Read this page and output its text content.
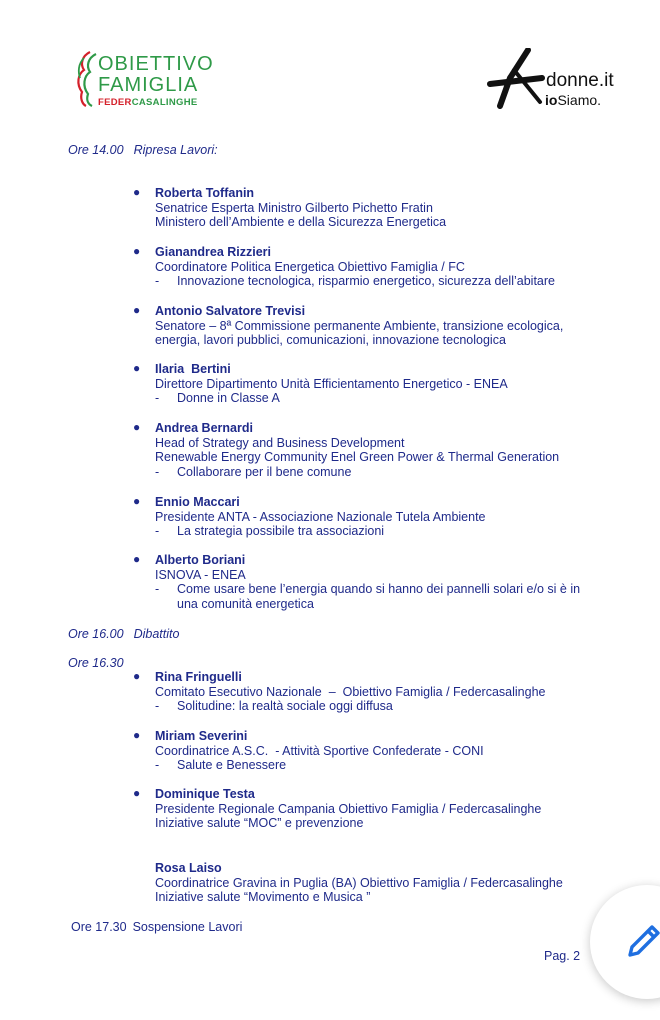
OBIETTIVO
FAMIGLIA
FEDERCASALINGHE
donne.it
ioSiamo.
Ore 14.00 Ripresa Lavori:
● Roberta Toffanin
Senatrice Esperta Ministro Gilberto Pichetto Fratin
Ministero dell’Ambiente e della Sicurezza Energetica
● Gianandrea Rizzieri
Coordinatore Politica Energetica Obiettivo Famiglia / FC
- Innovazione tecnologica, risparmio energetico, sicurezza dell’abitare
● Antonio Salvatore Trevisi
Senatore – 8ª Commissione permanente Ambiente, transizione ecologica,
energia, lavori pubblici, comunicazioni, innovazione tecnologica
● Ilaria  Bertini
Direttore Dipartimento Unità Efficientamento Energetico - ENEA
- Donne in Classe A
● Andrea Bernardi
Head of Strategy and Business Development
Renewable Energy Community Enel Green Power & Thermal Generation
- Collaborare per il bene comune
● Ennio Maccari
Presidente ANTA - Associazione Nazionale Tutela Ambiente
- La strategia possibile tra associazioni
● Alberto Boriani
ISNOVA - ENEA
- Come usare bene l’energia quando si hanno dei pannelli solari e/o si è in
una comunità energetica
Ore 16.00 Dibattito
Ore 16.30
● Rina Fringuelli
Comitato Esecutivo Nazionale  –  Obiettivo Famiglia / Federcasalinghe
- Solitudine: la realtà sociale oggi diffusa
● Miriam Severini
Coordinatrice A.S.C.  - Attività Sportive Confederate - CONI
- Salute e Benessere
● Dominique Testa
Presidente Regionale Campania Obiettivo Famiglia / Federcasalinghe
Iniziative salute “MOC” e prevenzione
Rosa Laiso
Coordinatrice Gravina in Puglia (BA) Obiettivo Famiglia / Federcasalinghe
Iniziative salute “Movimento e Musica ”
Ore 17.30 Sospensione Lavori
Pag. 2
